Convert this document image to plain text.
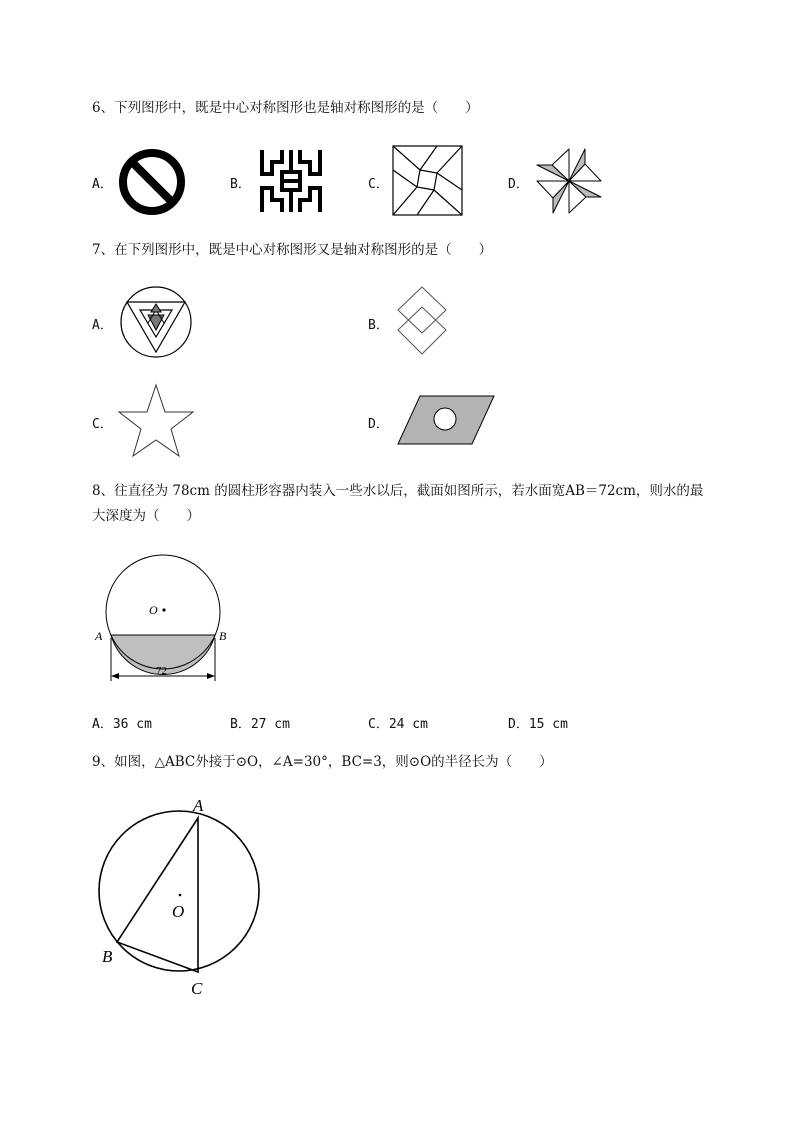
6、下列图形中，既是中心对称图形也是轴对称图形的是（　　）
A．	B．	C．	D．
7、在下列图形中，既是中心对称图形又是轴对称图形的是（　　）
A．	B．
C．	D．
8、往直径为 78cm 的圆柱形容器内装入一些水以后，截面如图所示，若水面宽AB＝72cm，则水的最
大深度为（　　）
O
A	B
72
A．36 cm	B．27 cm	C．24 cm	D．15 cm
9、如图，△ABC外接于⊙O，∠A=30°，BC=3，则⊙O的半径长为（　　）
A
B
C
O
